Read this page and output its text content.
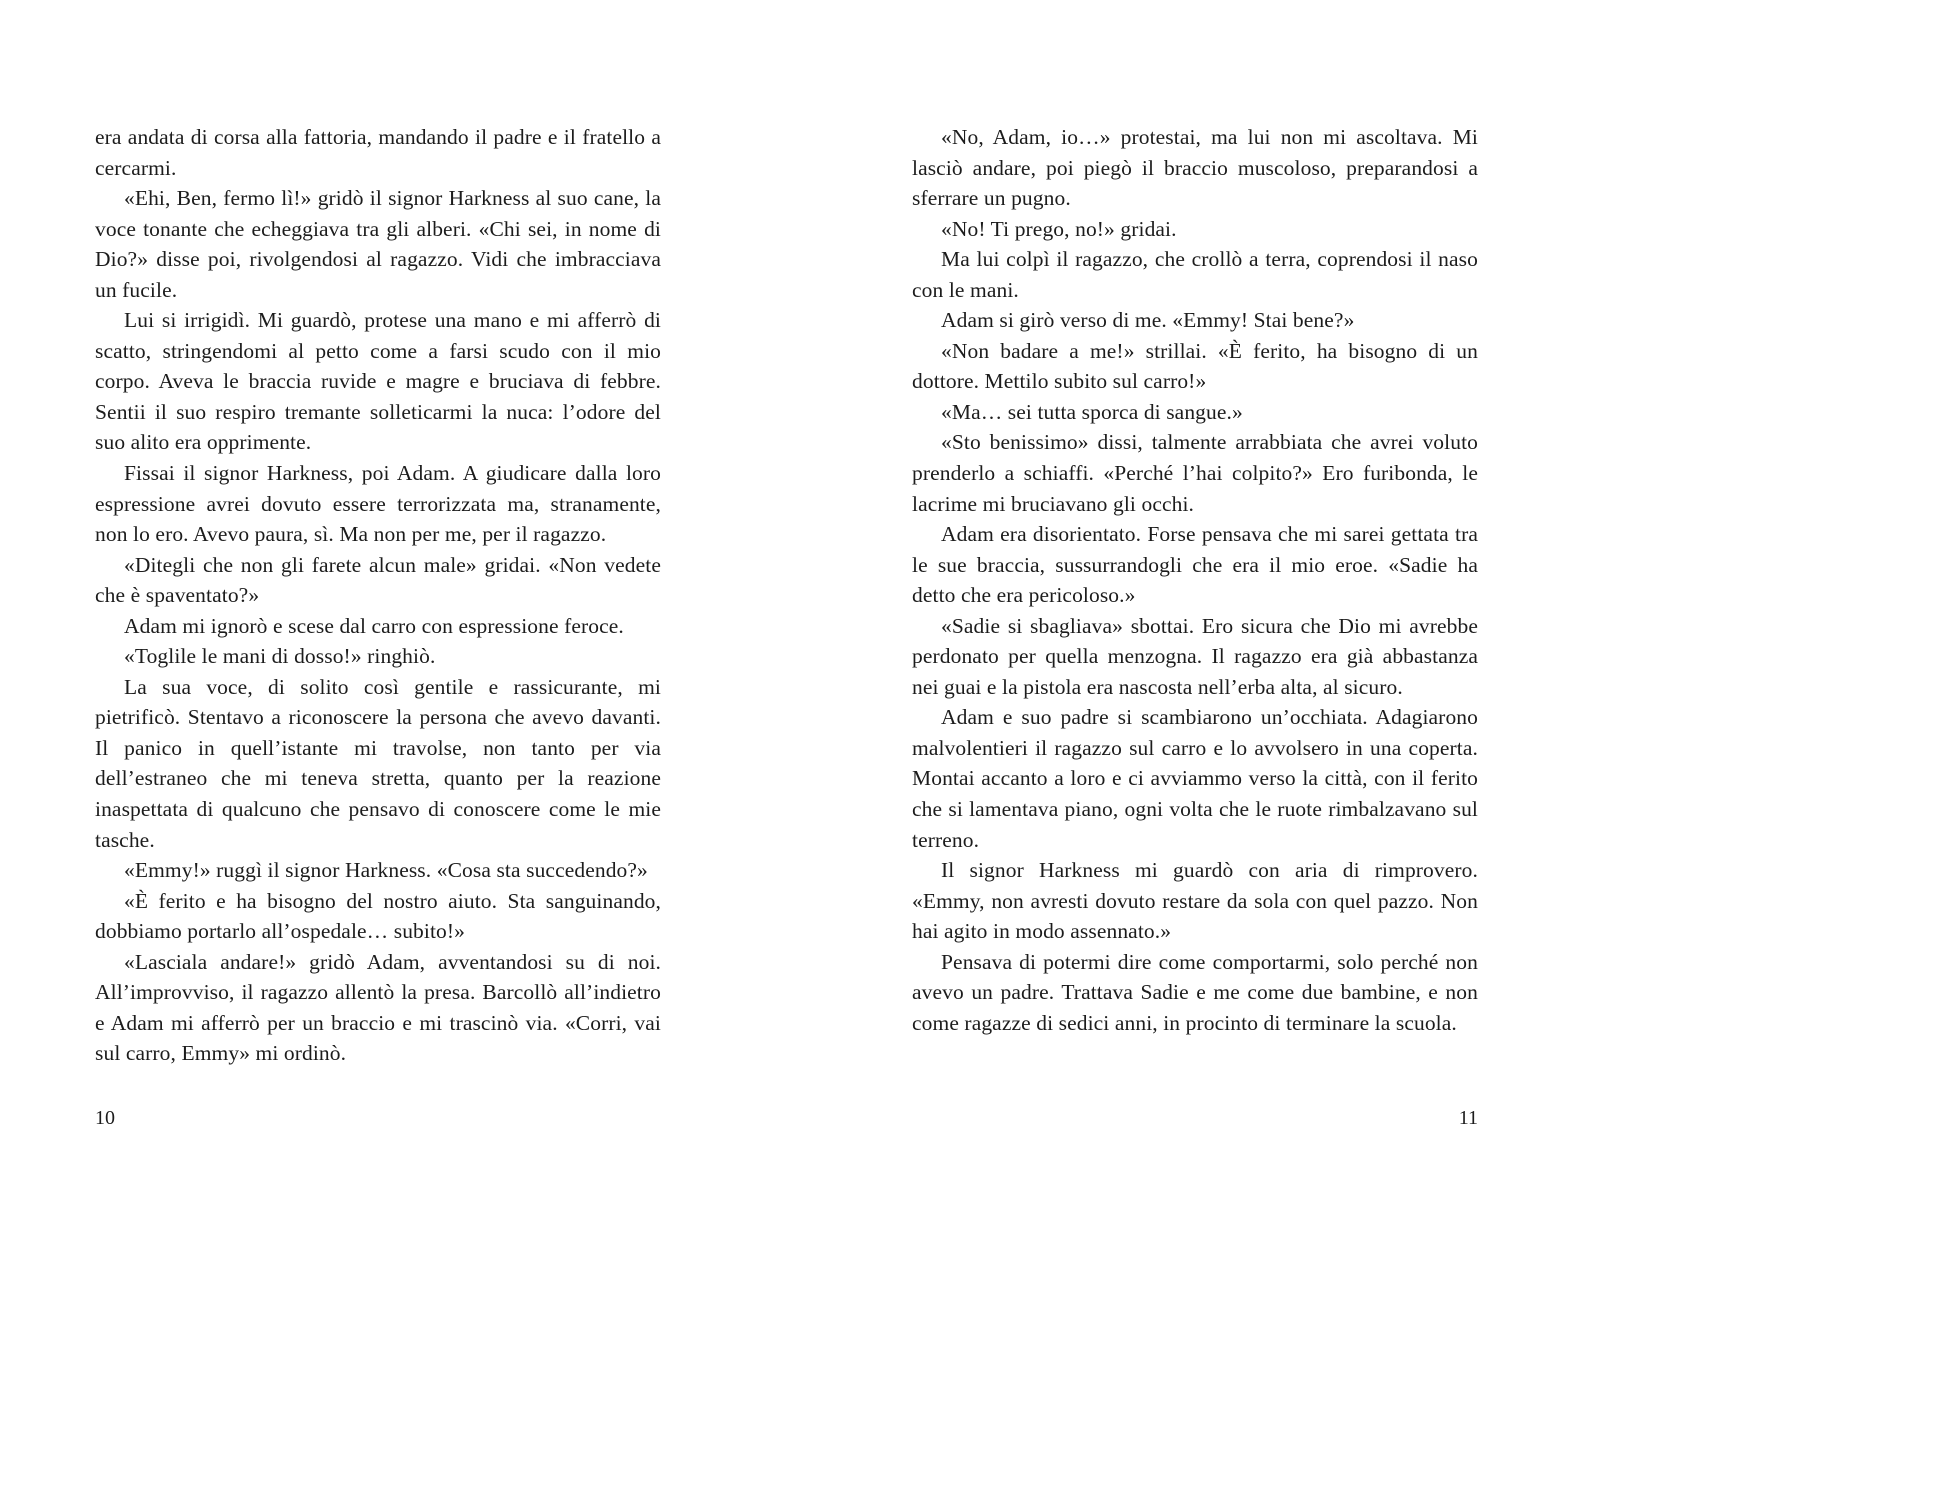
era andata di corsa alla fattoria, mandando il padre e il fratello a cercarmi.

«Ehi, Ben, fermo lì!» gridò il signor Harkness al suo cane, la voce tonante che echeggiava tra gli alberi. «Chi sei, in nome di Dio?» disse poi, rivolgendosi al ragazzo. Vidi che imbracciava un fucile.

Lui si irrigidì. Mi guardò, protese una mano e mi afferrò di scatto, stringendomi al petto come a farsi scudo con il mio corpo. Aveva le braccia ruvide e magre e bruciava di febbre. Sentii il suo respiro tremante solleticarmi la nuca: l’odore del suo alito era opprimente.

Fissai il signor Harkness, poi Adam. A giudicare dalla loro espressione avrei dovuto essere terrorizzata ma, stranamente, non lo ero. Avevo paura, sì. Ma non per me, per il ragazzo.

«Ditegli che non gli farete alcun male» gridai. «Non vedete che è spaventato?»

Adam mi ignorò e scese dal carro con espressione feroce.

«Toglile le mani di dosso!» ringhiò.

La sua voce, di solito così gentile e rassicurante, mi pietrificò. Stentavo a riconoscere la persona che avevo davanti. Il panico in quell’istante mi travolse, non tanto per via dell’estraneo che mi teneva stretta, quanto per la reazione inaspettata di qualcuno che pensavo di conoscere come le mie tasche.

«Emmy!» ruggì il signor Harkness. «Cosa sta succedendo?»

«È ferito e ha bisogno del nostro aiuto. Sta sanguinando, dobbiamo portarlo all’ospedale… subito!»

«Lasciala andare!» gridò Adam, avventandosi su di noi. All’improvviso, il ragazzo allentò la presa. Barcollò all’indietro e Adam mi afferrò per un braccio e mi trascinò via. «Corri, vai sul carro, Emmy» mi ordinò.

«No, Adam, io…» protestai, ma lui non mi ascoltava. Mi lasciò andare, poi piegò il braccio muscoloso, preparandosi a sferrare un pugno.

«No! Ti prego, no!» gridai.

Ma lui colpì il ragazzo, che crollò a terra, coprendosi il naso con le mani.

Adam si girò verso di me. «Emmy! Stai bene?»

«Non badare a me!» strillai. «È ferito, ha bisogno di un dottore. Mettilo subito sul carro!»

«Ma… sei tutta sporca di sangue.»

«Sto benissimo» dissi, talmente arrabbiata che avrei voluto prenderlo a schiaffi. «Perché l’hai colpito?» Ero furibonda, le lacrime mi bruciavano gli occhi.

Adam era disorientato. Forse pensava che mi sarei gettata tra le sue braccia, sussurrandogli che era il mio eroe. «Sadie ha detto che era pericoloso.»

«Sadie si sbagliava» sbottai. Ero sicura che Dio mi avrebbe perdonato per quella menzogna. Il ragazzo era già abbastanza nei guai e la pistola era nascosta nell’erba alta, al sicuro.

Adam e suo padre si scambiarono un’occhiata. Adagiarono malvolentieri il ragazzo sul carro e lo avvolsero in una coperta. Montai accanto a loro e ci avviammo verso la città, con il ferito che si lamentava piano, ogni volta che le ruote rimbalzavano sul terreno.

Il signor Harkness mi guardò con aria di rimprovero. «Emmy, non avresti dovuto restare da sola con quel pazzo. Non hai agito in modo assennato.»

Pensava di potermi dire come comportarmi, solo perché non avevo un padre. Trattava Sadie e me come due bambine, e non come ragazze di sedici anni, in procinto di terminare la scuola.

10	11
